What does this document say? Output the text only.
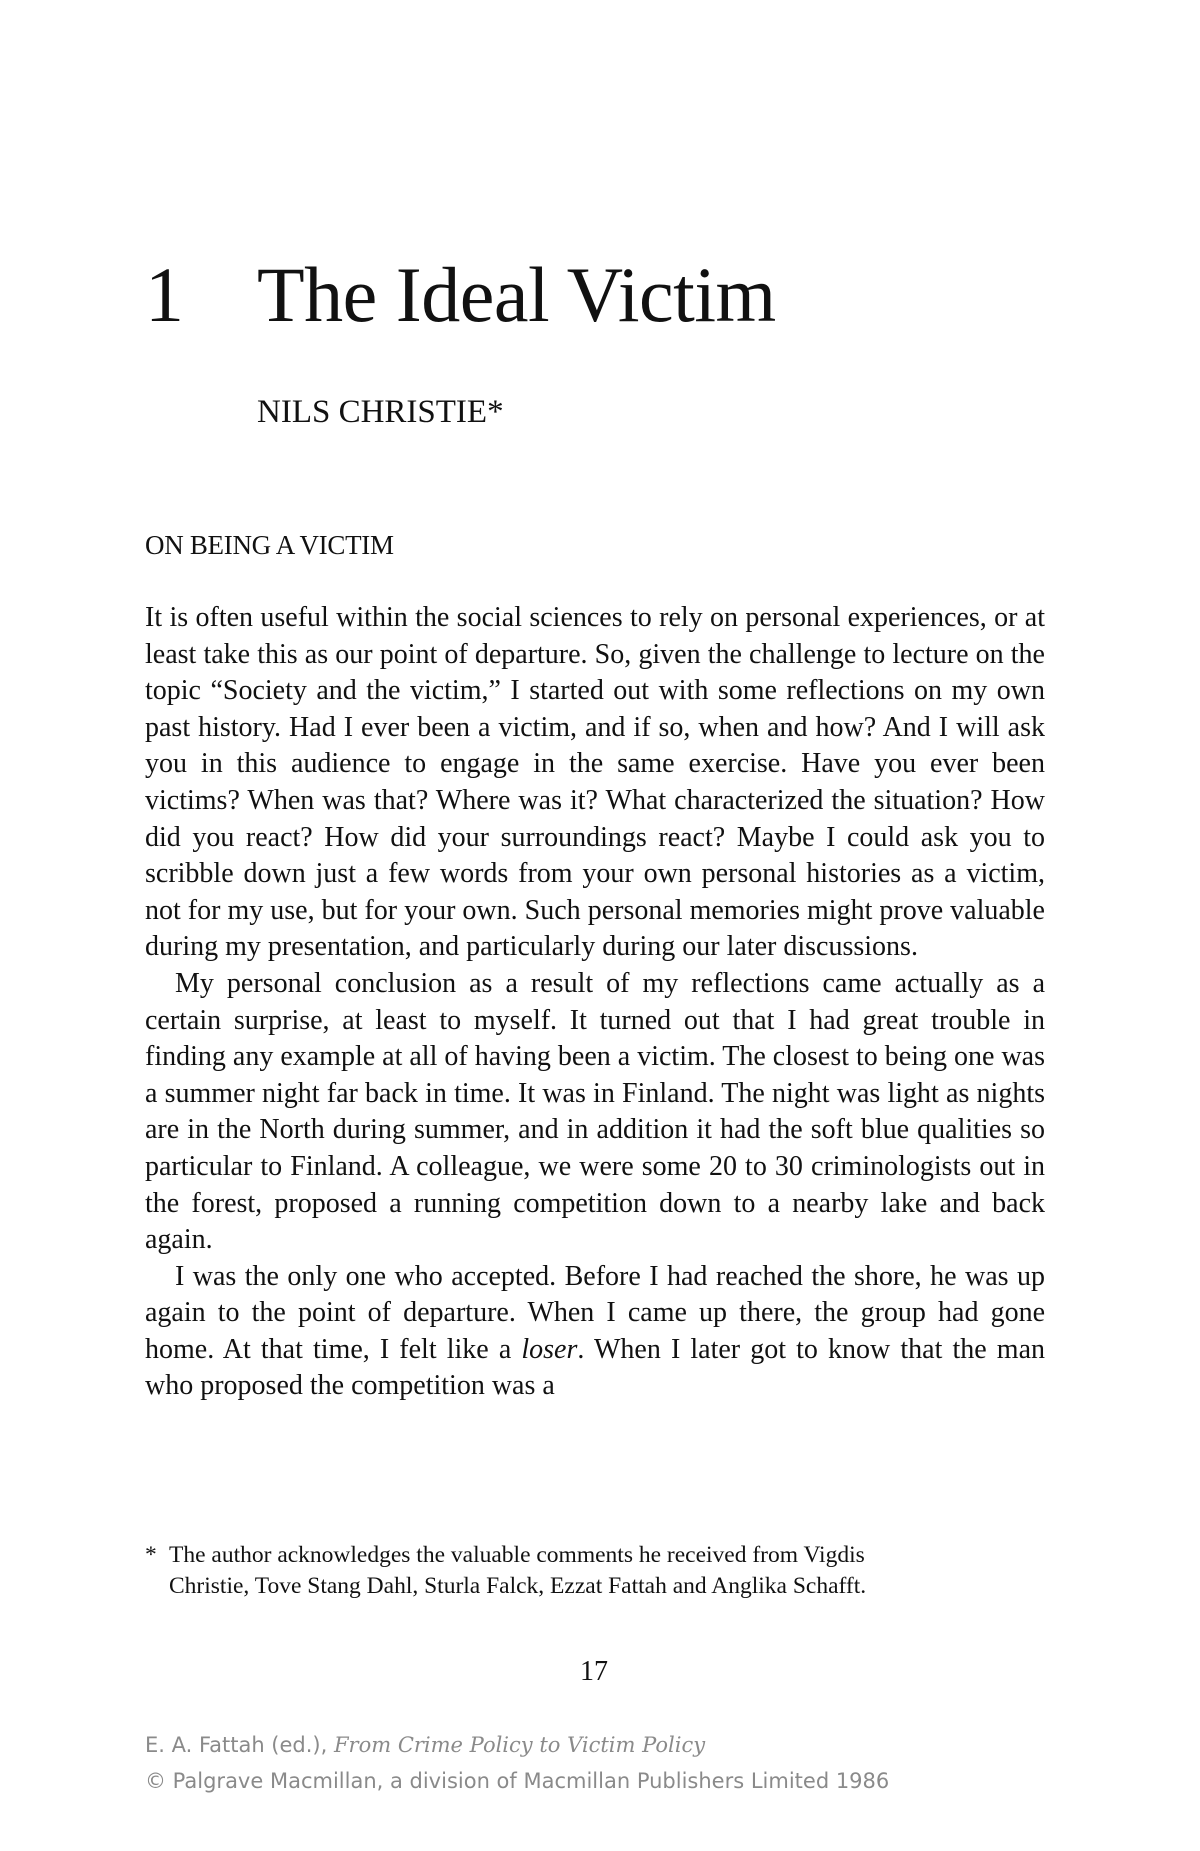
1 The Ideal Victim
NILS CHRISTIE*
ON BEING A VICTIM

It is often useful within the social sciences to rely on personal experiences, or at least take this as our point of departure. So, given the challenge to lecture on the topic “Society and the victim,” I started out with some reflections on my own past history. Had I ever been a victim, and if so, when and how? And I will ask you in this audience to engage in the same exercise. Have you ever been victims? When was that? Where was it? What characterized the situation? How did you react? How did your surroundings react? Maybe I could ask you to scribble down just a few words from your own personal histories as a victim, not for my use, but for your own. Such personal memories might prove valuable during my presentation, and particularly during our later discussions.

My personal conclusion as a result of my reflections came actually as a certain surprise, at least to myself. It turned out that I had great trouble in finding any example at all of having been a victim. The closest to being one was a summer night far back in time. It was in Finland. The night was light as nights are in the North during summer, and in addition it had the soft blue qualities so particular to Finland. A colleague, we were some 20 to 30 criminologists out in the forest, proposed a running competition down to a nearby lake and back again.

I was the only one who accepted. Before I had reached the shore, he was up again to the point of departure. When I came up there, the group had gone home. At that time, I felt like a loser. When I later got to know that the man who proposed the competition was a

* The author acknowledges the valuable comments he received from Vigdis
Christie, Tove Stang Dahl, Sturla Falck, Ezzat Fattah and Anglika Schafft.
17
E. A. Fattah (ed.), From Crime Policy to Victim Policy
© Palgrave Macmillan, a division of Macmillan Publishers Limited 1986
